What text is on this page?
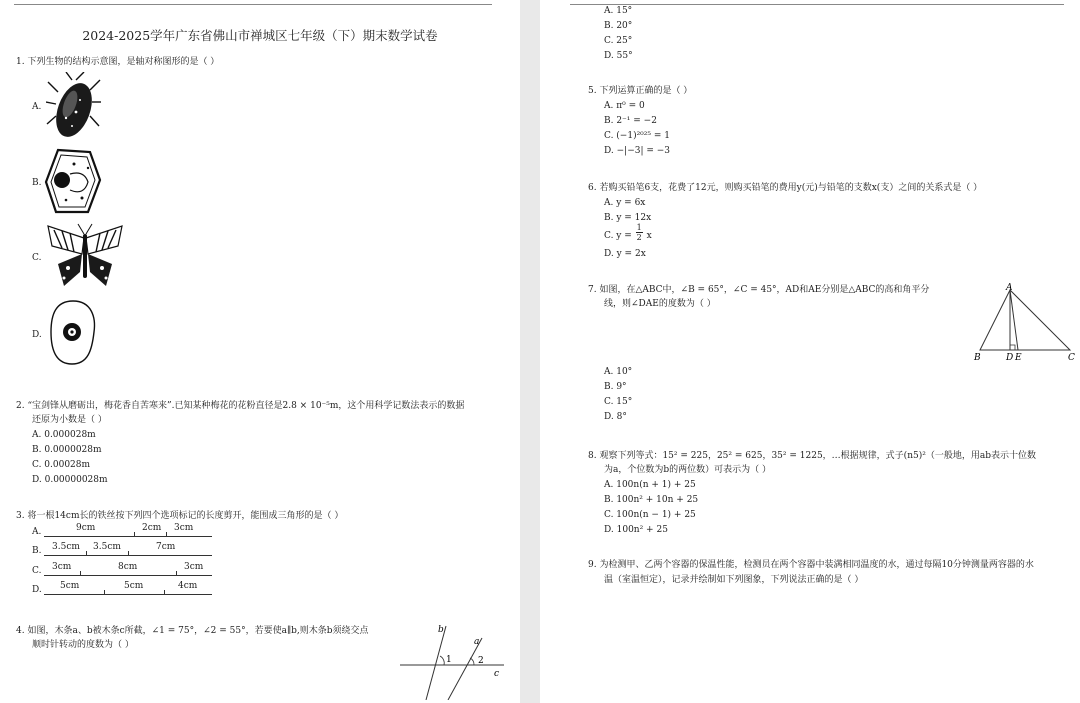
2024-2025学年广东省佛山市禅城区七年级（下）期末数学试卷
1. 下列生物的结构示意图，是轴对称图形的是（ ）
A.
B.
C.
D.
2. “宝剑锋从磨砺出，梅花香自苦寒来”.已知某种梅花的花粉直径是2.8 × 10⁻⁵m，这个用科学记数法表示的数据
还原为小数是（ ）
A. 0.000028m
B. 0.0000028m
C. 0.00028m
D. 0.00000028m
3. 将一根14cm长的铁丝按下列四个选项标记的长度剪开，能围成三角形的是（ ）
A.	9cm	2cm 3cm
B. 3.5cm 3.5cm	7cm
C. 3cm	8cm	3cm
D. 5cm	5cm	4cm
4. 如图，木条a、b被木条c所截，∠1 = 75°，∠2 = 55°，若要使a∥b,则木条b须绕交点
顺时针转动的度数为（ ）
b
a
c
1	2
A. 15°
B. 20°
C. 25°
D. 55°
5. 下列运算正确的是（ ）
A. π⁰ = 0
B. 2⁻¹ = −2
C. (−1)²⁰²⁵ = 1
D. −|−3| = −3
6. 若购买铅笔6支，花费了12元，则购买铅笔的费用y(元)与铅笔的支数x(支）之间的关系式是（ ）
A. y = 6x
B. y = 12x
C. $y = \frac{1}{2}$ x
D. y = 2x
7. 如图，在△ABC中，∠B = 65°，∠C = 45°，AD和AE分别是△ABC的高和角平分
线，则∠DAE的度数为（ ）
A
B	C
D E
A. 10°
B. 9°
C. 15°
D. 8°
8. 观察下列等式：15² = 225，25² = 625，35² = 1225，…根据规律，式子(n5)²（一般地，用ab表示十位数
为a，个位数为b的两位数）可表示为（ ）
A. 100n(n + 1) + 25
B. 100n² + 10n + 25
C. 100n(n − 1) + 25
D. 100n² + 25
9. 为检测甲、乙两个容器的保温性能，检测员在两个容器中装满相同温度的水，通过每隔10分钟测量两容器的水
温（室温恒定），记录并绘制如下列图象，下列说法正确的是（ ）
